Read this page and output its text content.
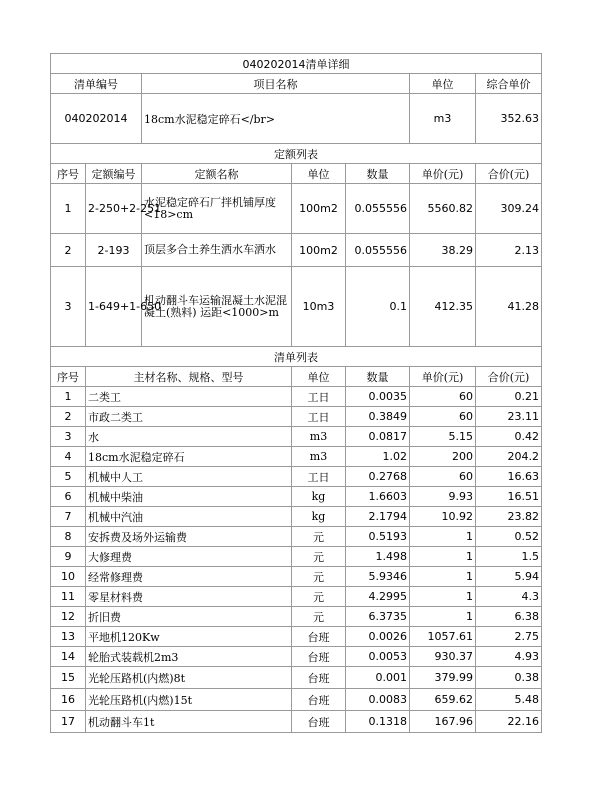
040202014清单详细						
清单编号		项目名称			单位	综合单价
040202014		18cm水泥稳定碎石</br>			m3	352.63
定额列表						
序号	定额编号	定额名称	单位	数量	单价(元)	合价(元)
1	2-250+2-251	水泥稳定碎石厂拌机铺厚度<18>cm	100m2	0.055556	5560.82	309.24
2	2-193	顶层多合土养生洒水车洒水	100m2	0.055556	38.29	2.13
3	1-649+1-650	机动翻斗车运输混凝土水泥混凝土(熟料) 运距<1000>m	10m3	0.1	412.35	41.28
清单列表						
序号	主材名称、规格、型号		单位	数量	单价(元)	合价(元)
1	二类工		工日	0.0035	60	0.21
2	市政二类工		工日	0.3849	60	23.11
3	水		m3	0.0817	5.15	0.42
4	18cm水泥稳定碎石		m3	1.02	200	204.2
5	机械中人工		工日	0.2768	60	16.63
6	机械中柴油		kg	1.6603	9.93	16.51
7	机械中汽油		kg	2.1794	10.92	23.82
8	安拆费及场外运输费		元	0.5193	1	0.52
9	大修理费		元	1.498	1	1.5
10	经常修理费		元	5.9346	1	5.94
11	零星材料费		元	4.2995	1	4.3
12	折旧费		元	6.3735	1	6.38
13	平地机120Kw		台班	0.0026	1057.61	2.75
14	轮胎式装载机2m3		台班	0.0053	930.37	4.93
15	光轮压路机(内燃)8t		台班	0.001	379.99	0.38
16	光轮压路机(内燃)15t		台班	0.0083	659.62	5.48
17	机动翻斗车1t		台班	0.1318	167.96	22.16
